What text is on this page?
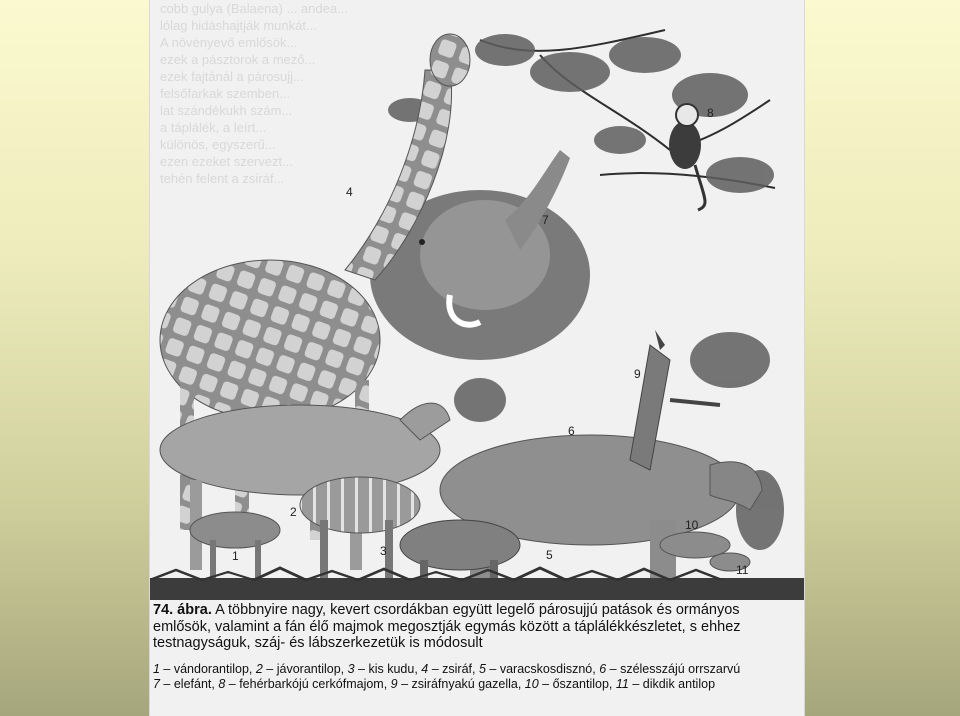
cobb gulya (Balaena) ... andea...
lólag hidáshajtják munkát...
A növényevő emlősök...
ezek a pásztorok a mező...
ezek fajtánál a párosujj...
felsőfarkak szemben...
lat szándékukh szám...
a táplálék, a leírt...
különös, egyszerű...
ezen ezeket szervezt...
tehén felent a zsiráf...
4
7
8
9
6
2
1	3	5
10
11
74. ábra. A többnyire nagy, kevert csordákban együtt legelő párosujjú patások és ormányos
emlősök, valamint a fán élő majmok megosztják egymás között a táplálékkészletet, s ehhez
testnagyságuk, száj- és lábszerkezetük is módosult
1 – vándorantilop, 2 – jávorantilop, 3 – kis kudu, 4 – zsiráf, 5 – varacskosdisznó, 6 – szélesszájú orrszarvú
7 – elefánt, 8 – fehérbarkójú cerkófmajom, 9 – zsiráfnyakú gazella, 10 – őszantilop, 11 – dikdik antilop
